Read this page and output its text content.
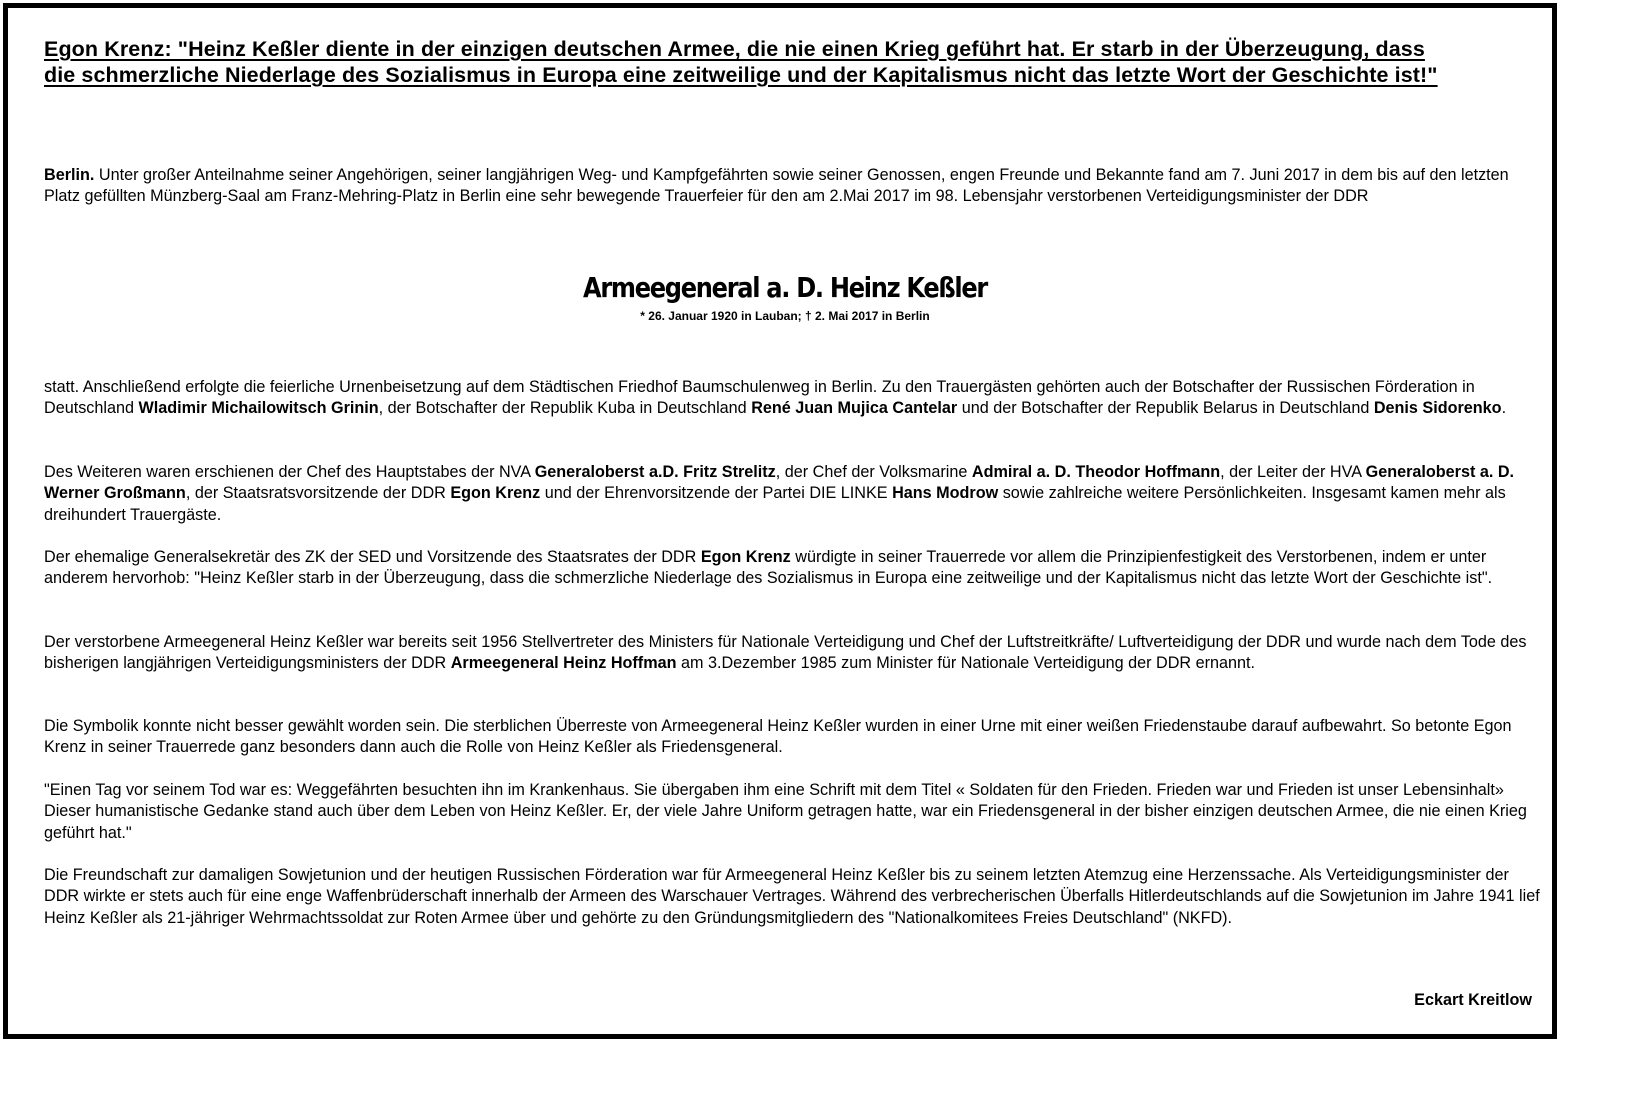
Egon Krenz: "Heinz Keßler diente in der einzigen deutschen Armee, die nie einen Krieg geführt hat. Er starb in der Überzeugung, dass
die schmerzliche Niederlage des Sozialismus in Europa eine zeitweilige und der Kapitalismus nicht das letzte Wort der Geschichte ist!"
Berlin. Unter großer Anteilnahme seiner Angehörigen, seiner langjährigen Weg- und Kampfgefährten sowie seiner Genossen, engen Freunde und Bekannte fand am 7. Juni 2017 in dem bis auf den letzten Platz gefüllten Münzberg-Saal am Franz-Mehring-Platz in Berlin eine sehr bewegende Trauerfeier für den am 2.Mai 2017 im 98. Lebensjahr verstorbenen Verteidigungsminister der DDR
Armeegeneral a. D. Heinz Keßler
* 26. Januar 1920 in Lauban; † 2. Mai 2017 in Berlin
statt. Anschließend erfolgte die feierliche Urnenbeisetzung auf dem Städtischen Friedhof Baumschulenweg in Berlin. Zu den Trauergästen gehörten auch der Botschafter der Russischen Förderation in Deutschland Wladimir Michailowitsch Grinin, der Botschafter der Republik Kuba in Deutschland René Juan Mujica Cantelar und der Botschafter der Republik Belarus in Deutschland Denis Sidorenko.
Des Weiteren waren erschienen der Chef des Hauptstabes der NVA Generaloberst a.D. Fritz Strelitz, der Chef der Volksmarine Admiral a. D. Theodor Hoffmann, der Leiter der HVA Generaloberst a. D. Werner Großmann, der Staatsratsvorsitzende der DDR Egon Krenz und der Ehrenvorsitzende der Partei DIE LINKE Hans Modrow sowie zahlreiche weitere Persönlichkeiten. Insgesamt kamen mehr als dreihundert Trauergäste.
Der ehemalige Generalsekretär des ZK der SED und Vorsitzende des Staatsrates der DDR Egon Krenz würdigte in seiner Trauerrede vor allem die Prinzipienfestigkeit des Verstorbenen, indem er unter anderem hervorhob: "Heinz Keßler starb in der Überzeugung, dass die schmerzliche Niederlage des Sozialismus in Europa eine zeitweilige und der Kapitalismus nicht das letzte Wort der Geschichte ist".
Der verstorbene Armeegeneral Heinz Keßler war bereits seit 1956 Stellvertreter des Ministers für Nationale Verteidigung und Chef der Luftstreitkräfte/ Luftverteidigung der DDR und wurde nach dem Tode des bisherigen langjährigen Verteidigungsministers der DDR Armeegeneral Heinz Hoffman am 3.Dezember 1985 zum Minister für Nationale Verteidigung der DDR ernannt.
Die Symbolik konnte nicht besser gewählt worden sein. Die sterblichen Überreste von Armeegeneral Heinz Keßler wurden in einer Urne mit einer weißen Friedenstaube darauf aufbewahrt. So betonte Egon Krenz in seiner Trauerrede ganz besonders dann auch die Rolle von Heinz Keßler als Friedensgeneral.
"Einen Tag vor seinem Tod war es: Weggefährten besuchten ihn im Krankenhaus. Sie übergaben ihm eine Schrift mit dem Titel « Soldaten für den Frieden. Frieden war und Frieden ist unser Lebensinhalt» Dieser humanistische Gedanke stand auch über dem Leben von Heinz Keßler. Er, der viele Jahre Uniform getragen hatte, war ein Friedensgeneral in der bisher einzigen deutschen Armee, die nie einen Krieg geführt hat."
Die Freundschaft zur damaligen Sowjetunion und der heutigen Russischen Förderation war für Armeegeneral Heinz Keßler bis zu seinem letzten Atemzug eine Herzenssache. Als Verteidigungsminister der DDR wirkte er stets auch für eine enge Waffenbrüderschaft innerhalb der Armeen des Warschauer Vertrages. Während des verbrecherischen Überfalls Hitlerdeutschlands auf die Sowjetunion im Jahre 1941 lief Heinz Keßler als 21-jähriger Wehrmachtssoldat zur Roten Armee über und gehörte zu den Gründungsmitgliedern des "Nationalkomitees Freies Deutschland" (NKFD).
Eckart Kreitlow
